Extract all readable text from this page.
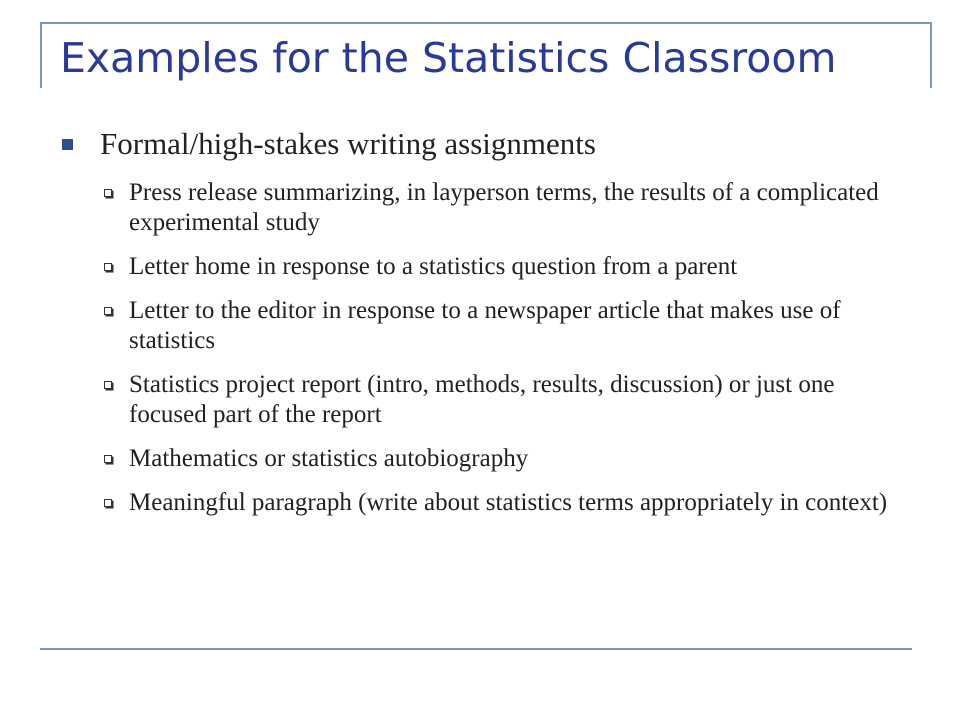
Examples for the Statistics Classroom
Formal/high-stakes writing assignments
Press release summarizing, in layperson terms, the results of a complicated experimental study
Letter home in response to a statistics question from a parent
Letter to the editor in response to a newspaper article that makes use of statistics
Statistics project report (intro, methods, results, discussion) or just one focused part of the report
Mathematics or statistics autobiography
Meaningful paragraph (write about statistics terms appropriately in context)
